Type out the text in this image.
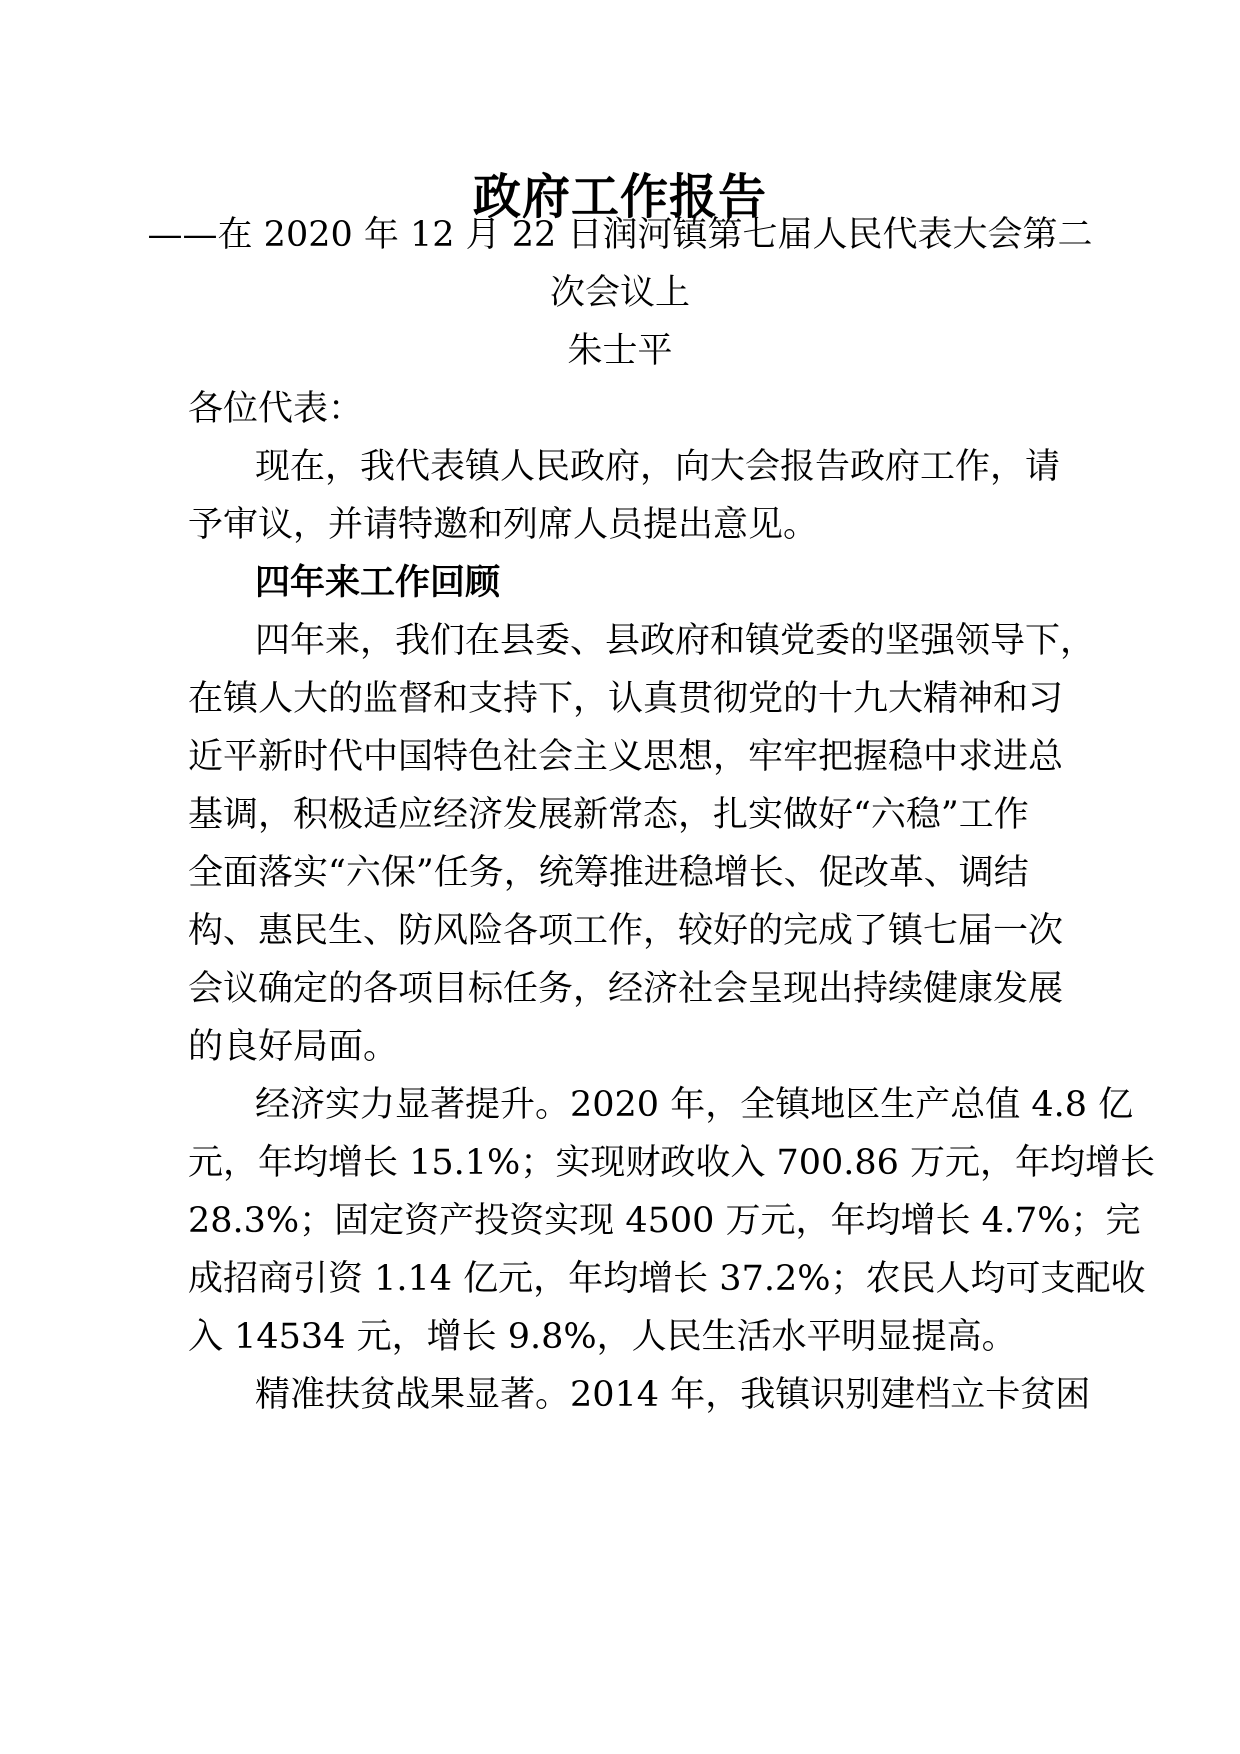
政府工作报告
——在 2020 年 12 月 22 日润河镇第七届人民代表大会第二
次会议上
朱士平
各位代表：
现在，我代表镇人民政府，向大会报告政府工作，请
予审议，并请特邀和列席人员提出意见。
四年来工作回顾
四年来，我们在县委、县政府和镇党委的坚强领导下，
在镇人大的监督和支持下，认真贯彻党的十九大精神和习
近平新时代中国特色社会主义思想，牢牢把握稳中求进总
基调，积极适应经济发展新常态，扎实做好“六稳”工作
全面落实“六保”任务，统筹推进稳增长、促改革、调结
构、惠民生、防风险各项工作，较好的完成了镇七届一次
会议确定的各项目标任务，经济社会呈现出持续健康发展
的良好局面。
经济实力显著提升。2020 年，全镇地区生产总值 4.8 亿
元，年均增长 15.1%；实现财政收入 700.86 万元，年均增长
28.3%；固定资产投资实现 4500 万元，年均增长 4.7%；完
成招商引资 1.14 亿元，年均增长 37.2%；农民人均可支配收
入 14534 元，增长 9.8%，人民生活水平明显提高。
精准扶贫战果显著。2014 年，我镇识别建档立卡贫困
